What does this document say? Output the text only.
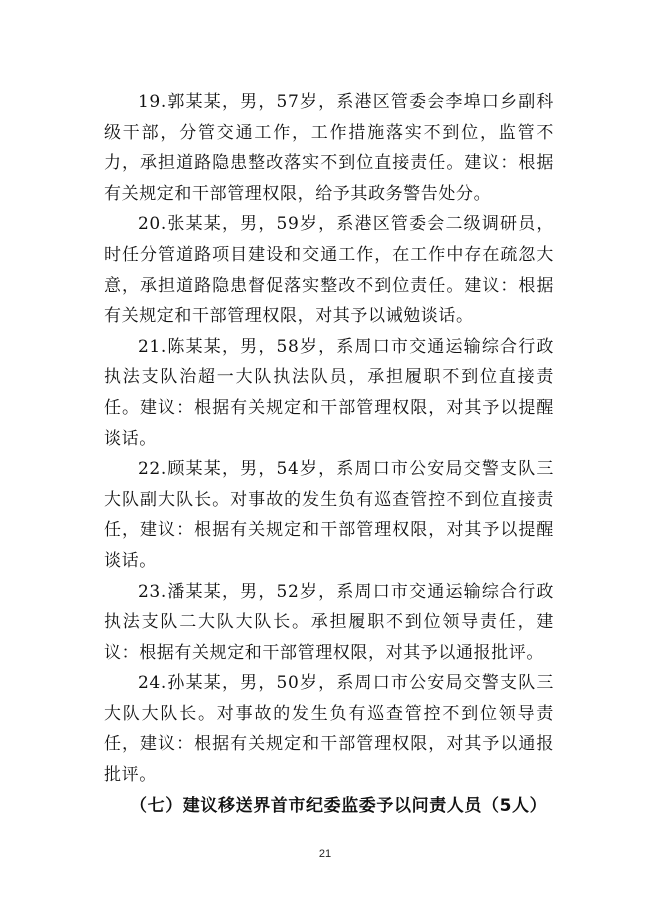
19.郭某某，男，57岁，系港区管委会李埠口乡副科级干部，分管交通工作，工作措施落实不到位，监管不力，承担道路隐患整改落实不到位直接责任。建议：根据有关规定和干部管理权限，给予其政务警告处分。

20.张某某，男，59岁，系港区管委会二级调研员，时任分管道路项目建设和交通工作，在工作中存在疏忽大意，承担道路隐患督促落实整改不到位责任。建议：根据有关规定和干部管理权限，对其予以诫勉谈话。

21.陈某某，男，58岁，系周口市交通运输综合行政执法支队治超一大队执法队员，承担履职不到位直接责任。建议：根据有关规定和干部管理权限，对其予以提醒谈话。

22.顾某某，男，54岁，系周口市公安局交警支队三大队副大队长。对事故的发生负有巡查管控不到位直接责任，建议：根据有关规定和干部管理权限，对其予以提醒谈话。

23.潘某某，男，52岁，系周口市交通运输综合行政执法支队二大队大队长。承担履职不到位领导责任，建议：根据有关规定和干部管理权限，对其予以通报批评。

24.孙某某，男，50岁，系周口市公安局交警支队三大队大队长。对事故的发生负有巡查管控不到位领导责任，建议：根据有关规定和干部管理权限，对其予以通报批评。

（七）建议移送界首市纪委监委予以问责人员（5人）

21
